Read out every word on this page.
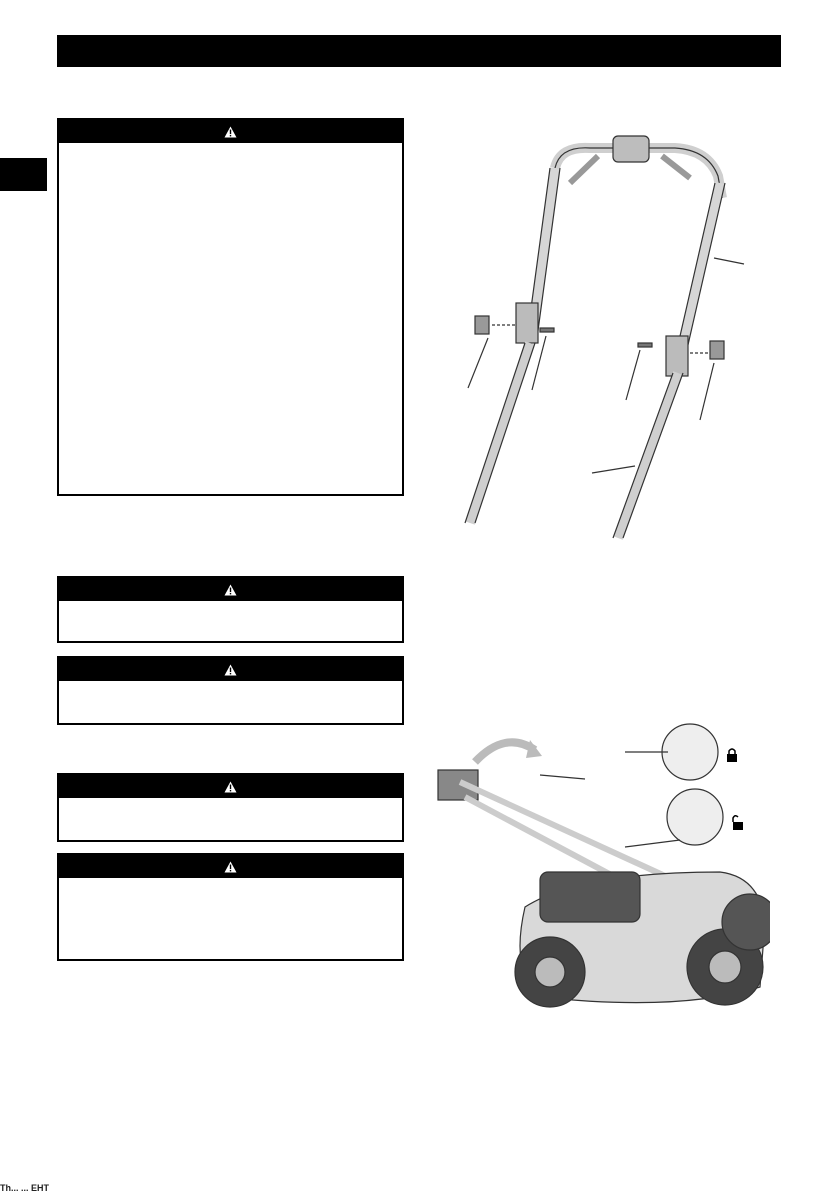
Th... ... EHT
